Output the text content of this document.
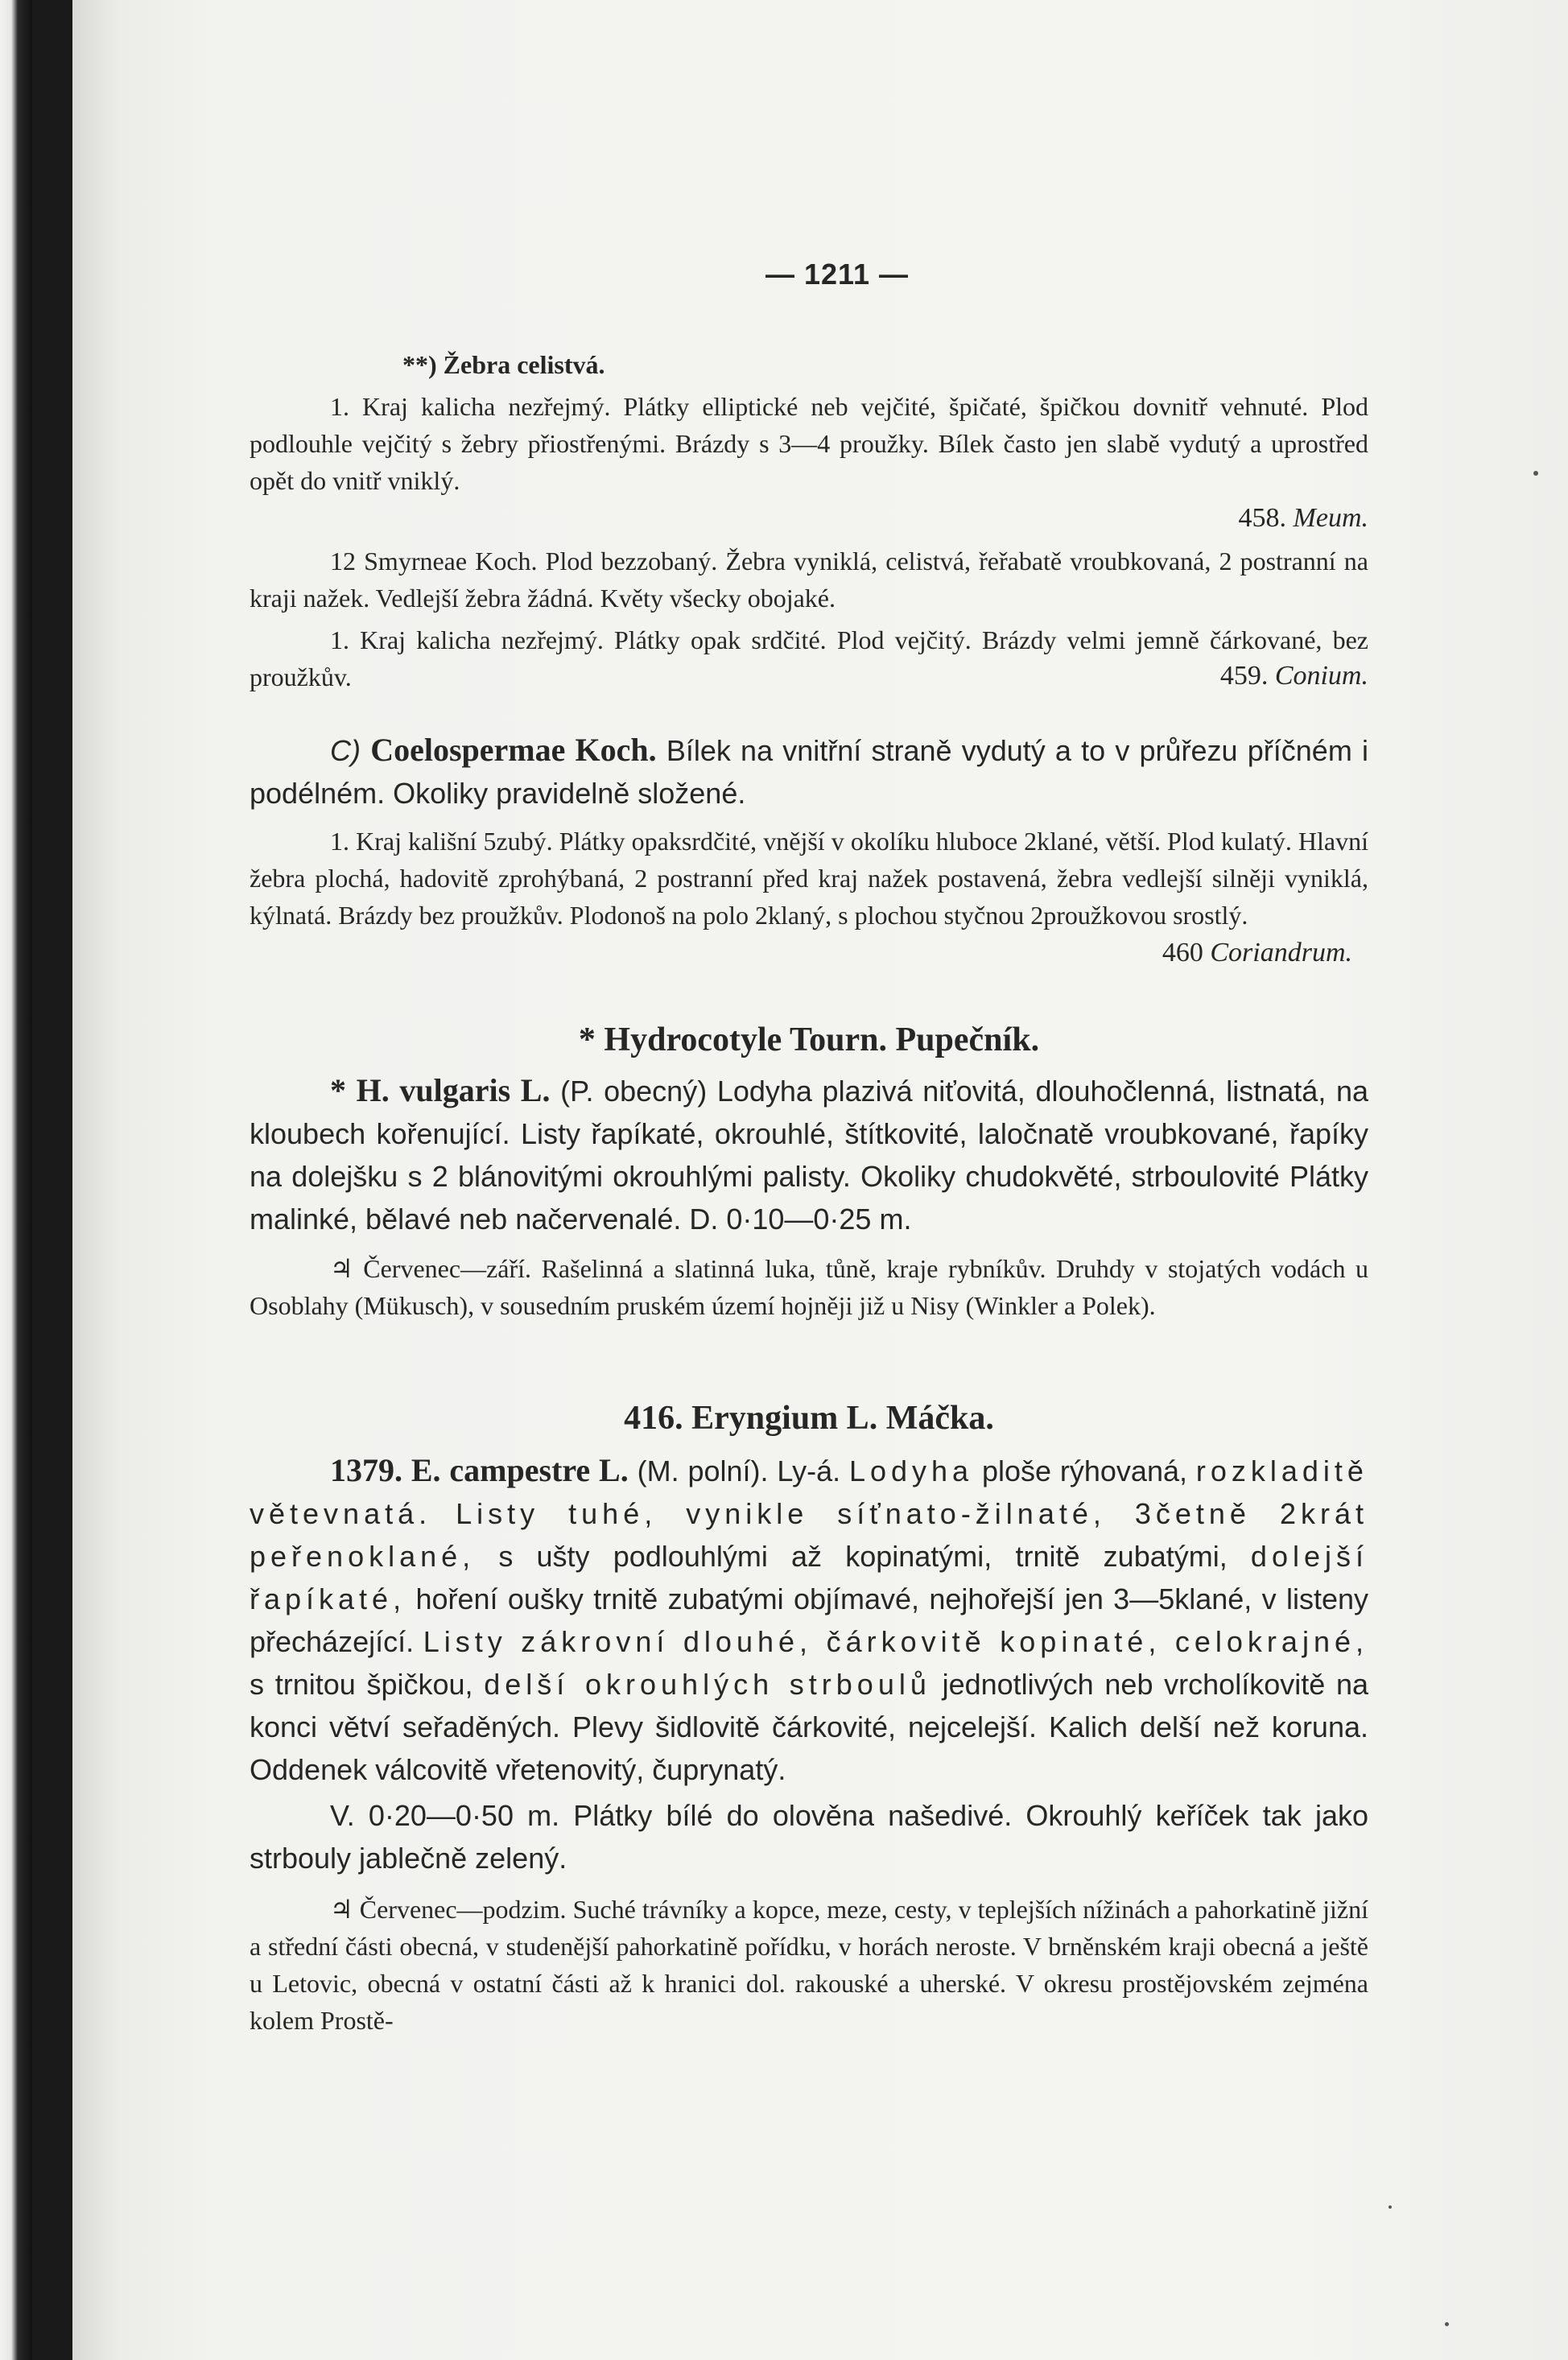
— 1211 —

**) Žebra celistvá.

1. Kraj kalicha nezřejmý. Plátky elliptické neb vejčité, špičaté, špičkou dovnitř vehnuté. Plod podlouhle vejčitý s žebry přiostřenými. Brázdy s 3—4 proužky. Bílek často jen slabě vydutý a uprostřed opět do vnitř vniklý.

458. Meum.

12 Smyrneae Koch. Plod bezzobaný. Žebra vyniklá, celistvá, řeřabatě vroubkovaná, 2 postranní na kraji nažek. Vedlejší žebra žádná. Květy všecky obojaké.

1. Kraj kalicha nezřejmý. Plátky opak srdčité. Plod vejčitý. Brázdy velmi jemně čárkované, bez proužkův.	459. Conium.

C) Coelospermae Koch. Bílek na vnitřní straně vydutý a to v průřezu příčném i podélném. Okoliky pravidelně složené.

1. Kraj kališní 5zubý. Plátky opaksrdčité, vnější v okolíku hluboce 2klané, větší. Plod kulatý. Hlavní žebra plochá, hadovitě zprohýbaná, 2 postranní před kraj nažek postavená, žebra vedlejší silněji vyniklá, kýlnatá. Brázdy bez proužkův. Plodonoš na polo 2klaný, s plochou styčnou 2proužkovou srostlý.

460 Coriandrum.

* Hydrocotyle Tourn. Pupečník.

* H. vulgaris L. (P. obecný) Lodyha plazivá niťovitá, dlouhočlenná, listnatá, na kloubech kořenující. Listy řapíkaté, okrouhlé, štítkovité, laločnatě vroubkované, řapíky na dolejšku s 2 blánovitými okrouhlými palisty. Okoliky chudokvěté, strboulovité Plátky malinké, bělavé neb načervenalé. D. 0·10—0·25 m.

♃ Červenec—září. Rašelinná a slatinná luka, tůně, kraje rybníkův. Druhdy v stojatých vodách u Osoblahy (Mükusch), v sousedním pruském území hojněji již u Nisy (Winkler a Polek).

416. Eryngium L. Máčka.

1379. E. campestre L. (M. polní). Ly-á. Lodyha ploše rýhovaná, rozkladitě větevnatá. Listy tuhé, vynikle síťnato-žilnaté, 3četně 2krát peřenoklané, s ušty podlouhlými až kopinatými, trnitě zubatými, dolejší řapíkaté, hoření oušky trnitě zubatými objímavé, nejhořejší jen 3—5klané, v listeny přecházející. Listy zákrovní dlouhé, čárkovitě kopinaté, celokrajné, s trnitou špičkou, delší okrouhlých strboulů jednotlivých neb vrcholíkovitě na konci větví seřaděných. Plevy šidlovitě čárkovité, nejcelejší. Kalich delší než koruna. Oddenek válcovitě vřetenovitý, čuprynatý.

V. 0·20—0·50 m. Plátky bílé do olověna našedivé. Okrouhlý keříček tak jako strbouly jablečně zelený.

♃ Červenec—podzim. Suché trávníky a kopce, meze, cesty, v teplejších nížinách a pahorkatině jižní a střední části obecná, v studenější pahorkatině pořídku, v horách neroste. V brněnském kraji obecná a ještě u Letovic, obecná v ostatní části až k hranici dol. rakouské a uherské. V okresu prostějovském zejména kolem Prostě-
